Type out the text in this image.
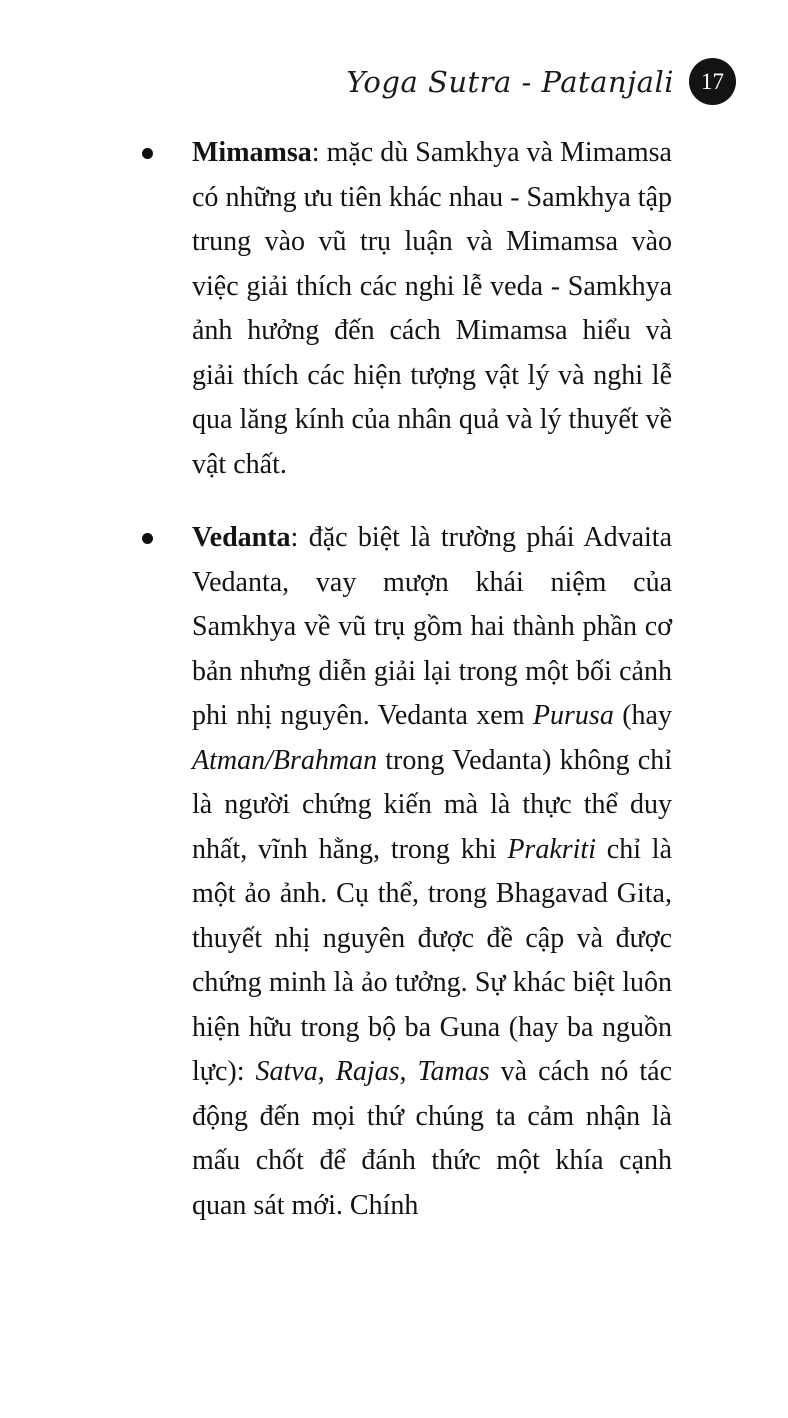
Yoga Sutra - Patanjali 17
Mimamsa: mặc dù Samkhya và Mimamsa có những ưu tiên khác nhau - Samkhya tập trung vào vũ trụ luận và Mimamsa vào việc giải thích các nghi lễ veda - Samkhya ảnh hưởng đến cách Mimamsa hiểu và giải thích các hiện tượng vật lý và nghi lễ qua lăng kính của nhân quả và lý thuyết về vật chất.
Vedanta: đặc biệt là trường phái Advaita Vedanta, vay mượn khái niệm của Samkhya về vũ trụ gồm hai thành phần cơ bản nhưng diễn giải lại trong một bối cảnh phi nhị nguyên. Vedanta xem Purusa (hay Atman/Brahman trong Vedanta) không chỉ là người chứng kiến mà là thực thể duy nhất, vĩnh hằng, trong khi Prakriti chỉ là một ảo ảnh. Cụ thể, trong Bhagavad Gita, thuyết nhị nguyên được đề cập và được chứng minh là ảo tưởng. Sự khác biệt luôn hiện hữu trong bộ ba Guna (hay ba nguồn lực): Satva, Rajas, Tamas và cách nó tác động đến mọi thứ chúng ta cảm nhận là mấu chốt để đánh thức một khía cạnh quan sát mới. Chính
